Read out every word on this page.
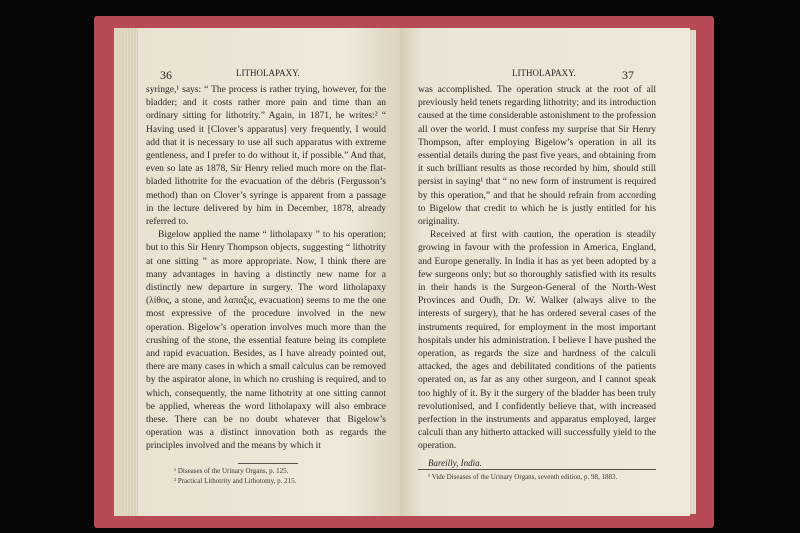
36	LITHOLAPAXY.

syringe,¹ says: “ The process is rather trying, however, for the bladder; and it costs rather more pain and time than an ordinary sitting for lithotrity.” Again, in 1871, he writes:² “ Having used it [Clover’s apparatus] very frequently, I would add that it is necessary to use all such apparatus with extreme gentleness, and I prefer to do without it, if possible.” And that, even so late as 1878, Sir Henry relied much more on the flat-bladed lithotrite for the evacuation of the débris (Fergusson’s method) than on Clover’s syringe is apparent from a passage in the lecture delivered by him in December, 1878, already referred to.
Bigelow applied the name “ litholapaxy ” to his operation; but to this Sir Henry Thompson objects, suggesting “ lithotrity at one sitting ” as more appropriate. Now, I think there are many advantages in having a distinctly new name for a distinctly new departure in surgery. The word litholapaxy (λίθος, a stone, and λαπαξις, evacuation) seems to me the one most expressive of the procedure involved in the new operation. Bigelow’s operation involves much more than the crushing of the stone, the essential feature being its complete and rapid evacuation. Besides, as I have already pointed out, there are many cases in which a small calculus can be removed by the aspirator alone, in which no crushing is required, and to which, consequently, the name lithotrity at one sitting cannot be applied, whereas the word litholapaxy will also embrace these. There can be no doubt whatever that Bigelow’s operation was a distinct innovation both as regards the principles involved and the means by which it

¹ Diseases of the Urinary Organs, p. 125.

² Practical Lithotrity and Lithotomy, p. 215.

LITHOLAPAXY.	37

was accomplished. The operation struck at the root of all previously held tenets regarding lithotrity; and its introduction caused at the time considerable astonishment to the profession all over the world. I must confess my surprise that Sir Henry Thompson, after employing Bigelow’s operation in all its essential details during the past five years, and obtaining from it such brilliant results as those recorded by him, should still persist in saying¹ that “ no new form of instrument is required by this operation,” and that he should refrain from according to Bigelow that credit to which he is justly entitled for his originality.
Received at first with caution, the operation is steadily growing in favour with the profession in America, England, and Europe generally. In India it has as yet been adopted by a few surgeons only; but so thoroughly satisfied with its results in their hands is the Surgeon-General of the North-West Provinces and Oudh, Dr. W. Walker (always alive to the interests of surgery), that he has ordered several cases of the instruments required, for employment in the most important hospitals under his administration. I believe I have pushed the operation, as regards the size and hardness of the calculi attacked, the ages and debilitated conditions of the patients operated on, as far as any other surgeon, and I cannot speak too highly of it. By it the surgery of the bladder has been truly revolutionised, and I confidently believe that, with increased perfection in the instruments and apparatus employed, larger calculi than any hitherto attacked will successfully yield to the operation.

Bareilly, India.

¹ Vide Diseases of the Urinary Organs, seventh edition, p. 98, 1883.
